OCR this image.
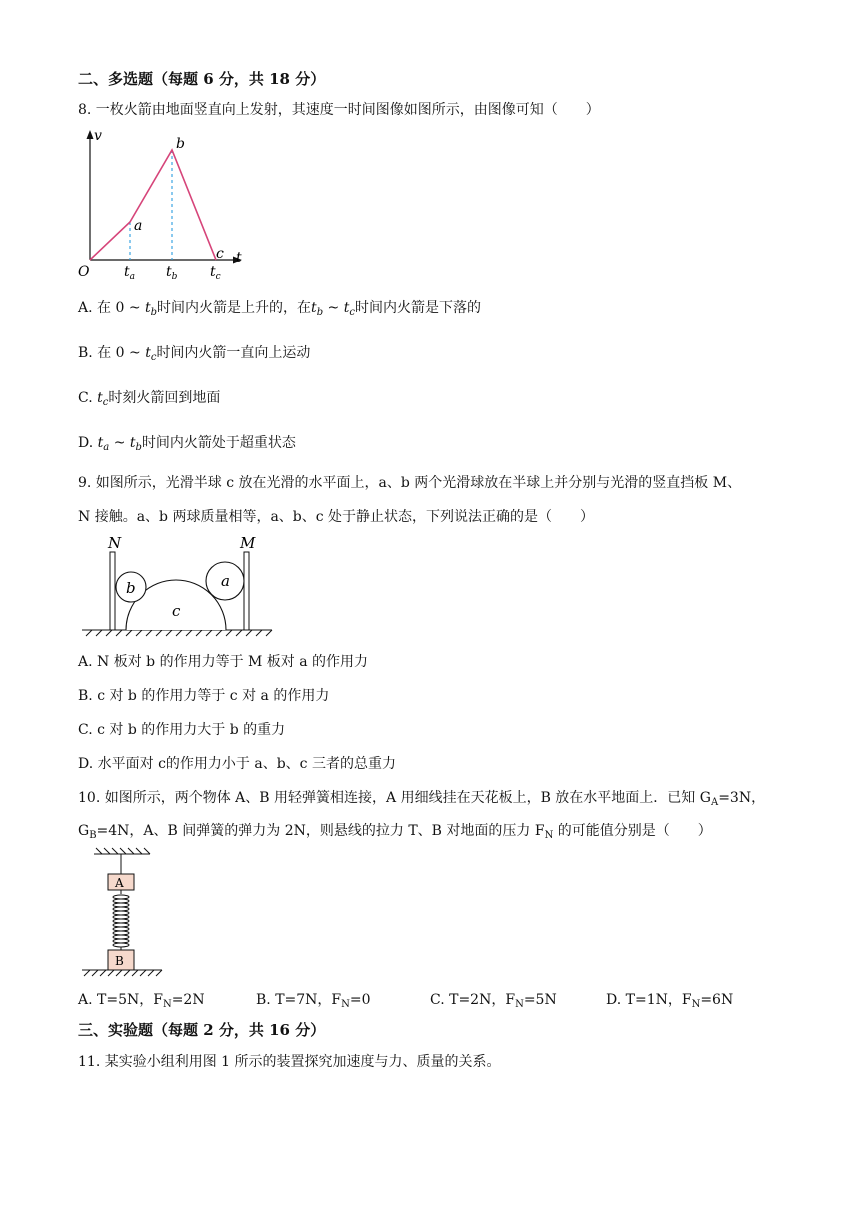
二、多选题（每题 6 分，共 18 分）
8. 一枚火箭由地面竖直向上发射，其速度一时间图像如图所示，由图像可知（　　）
v
t
O
a
b
c
$t_a$ $t_b$ $t_c$
A. 在 0 ~ $t_b$时间内火箭是上升的，在$t_b$ ~ $t_c$时间内火箭是下落的
B. 在 0 ~ $t_c$时间内火箭一直向上运动
C. $t_c$时刻火箭回到地面
D. $t_a$ ~ $t_b$时间内火箭处于超重状态
9. 如图所示，光滑半球 c 放在光滑的水平面上，a、b 两个光滑球放在半球上并分别与光滑的竖直挡板 M、
N 接触。a、b 两球质量相等，a、b、c 处于静止状态，下列说法正确的是（　　）
N	M
b	a
c
A. N 板对 b 的作用力等于 M 板对 a 的作用力
B. c 对 b 的作用力等于 c 对 a 的作用力
C. c 对 b 的作用力大于 b 的重力
D. 水平面对 c的作用力小于 a、b、c 三者的总重力
10. 如图所示，两个物体 A、B 用轻弹簧相连接，A 用细线挂在天花板上，B 放在水平地面上．已知 $G_A=3N$，
$G_B=4N$，A、B 间弹簧的弹力为 2N，则悬线的拉力 T、B 对地面的压力 $F_N$ 的可能值分别是（　　）
A
B
A. T=5N，$F_N=2N$	B. T=7N，$F_N=0$	C. T=2N，$F_N=5N$	D. T=1N，$F_N=6N$
三、实验题（每题 2 分，共 16 分）
11. 某实验小组利用图 1 所示的装置探究加速度与力、质量的关系。
